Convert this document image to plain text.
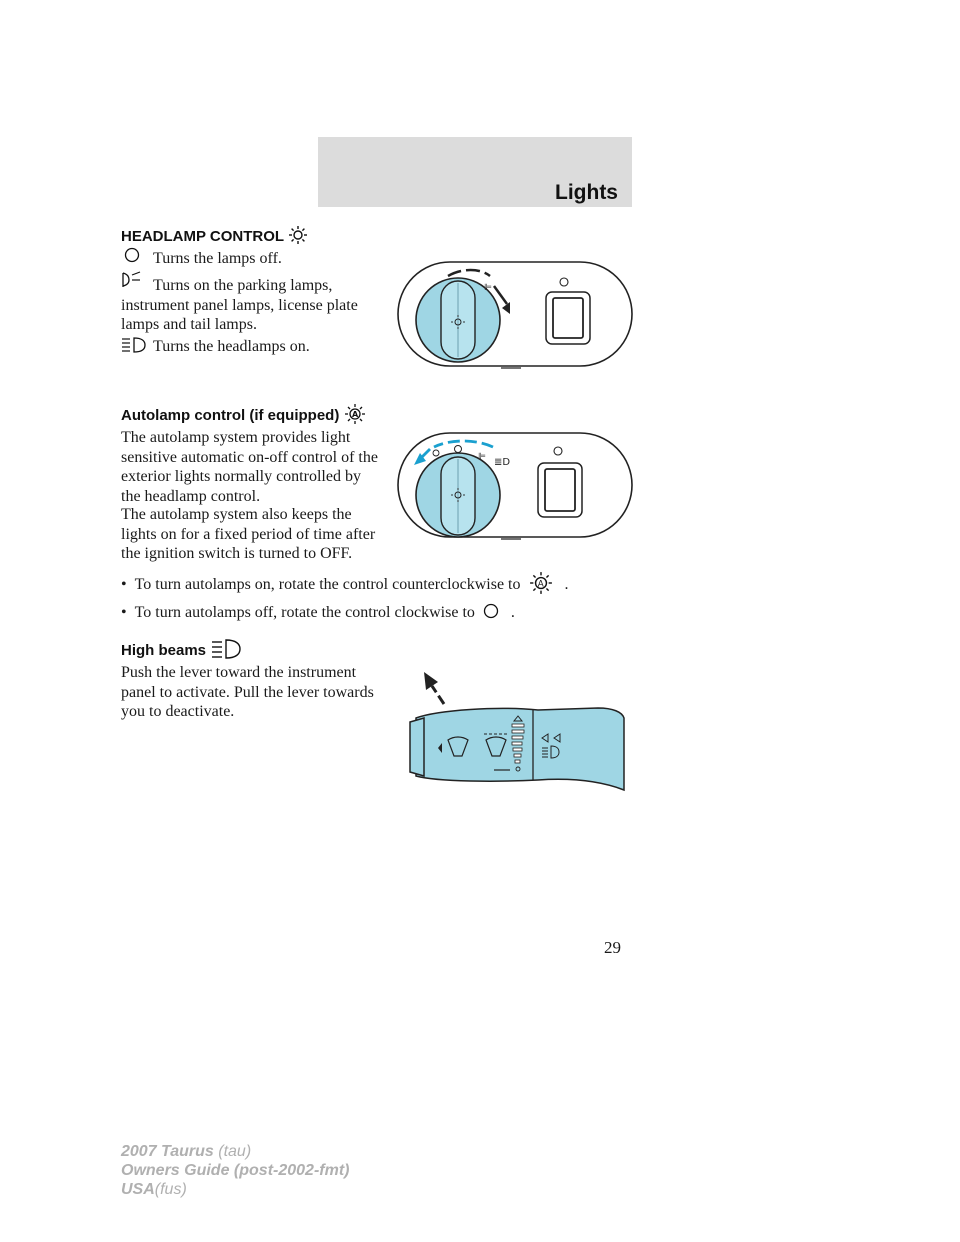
Lights
HEADLAMP CONTROL
Turns the lamps off.
Turns on the parking lamps, instrument panel lamps, license plate lamps and tail lamps.
Turns the headlamps on.
⊫
Autolamp control (if equipped) A
The autolamp system provides light sensitive automatic on-off control of the exterior lights normally controlled by the headlamp control.
The autolamp system also keeps the lights on for a fixed period of time after the ignition switch is turned to OFF.
⊫ ≣D
• To turn autolamps on, rotate the control counterclockwise to A .
• To turn autolamps off, rotate the control clockwise to .
High beams
Push the lever toward the instrument panel to activate. Pull the lever towards you to deactivate.
29
2007 Taurus (tau)
Owners Guide (post-2002-fmt)
USA(fus)
